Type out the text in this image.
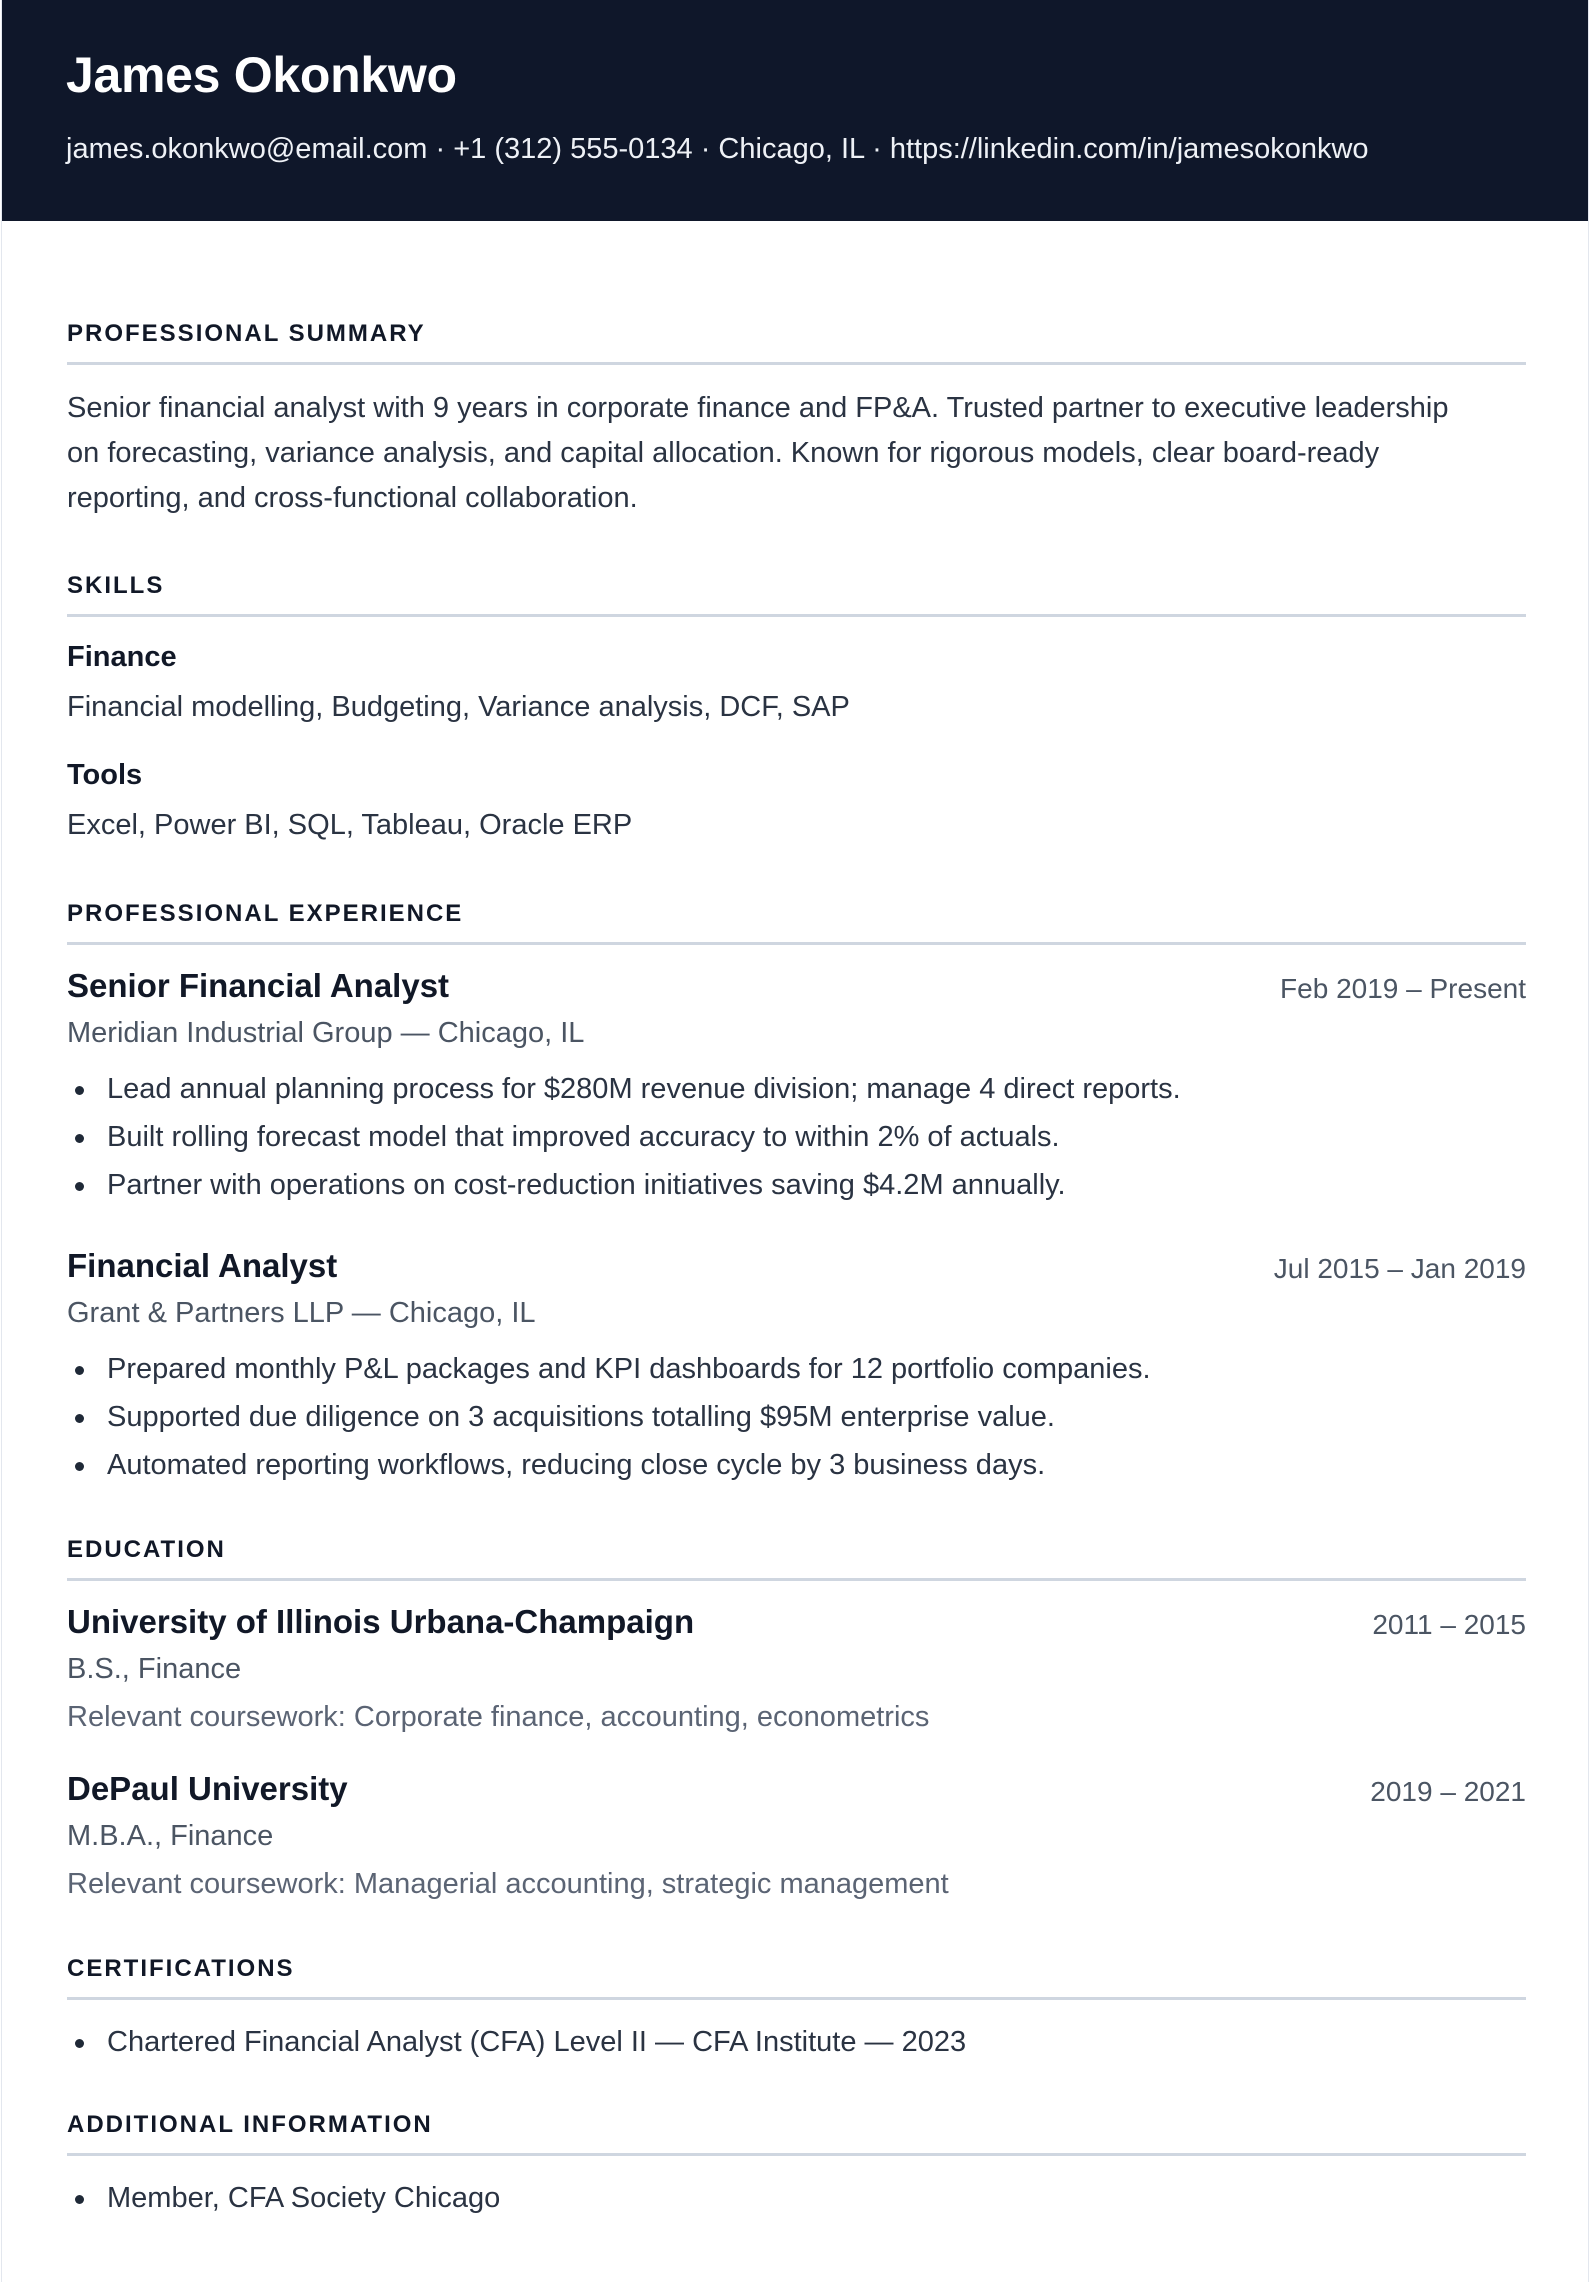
James Okonkwo
james.okonkwo@email.com · +1 (312) 555-0134 · Chicago, IL · https://linkedin.com/in/jamesokonkwo
PROFESSIONAL SUMMARY
Senior financial analyst with 9 years in corporate finance and FP&A. Trusted partner to executive leadership on forecasting, variance analysis, and capital allocation. Known for rigorous models, clear board-ready reporting, and cross-functional collaboration.
SKILLS
Finance
Financial modelling, Budgeting, Variance analysis, DCF, SAP
Tools
Excel, Power BI, SQL, Tableau, Oracle ERP
PROFESSIONAL EXPERIENCE
Senior Financial Analyst	Feb 2019 – Present
Meridian Industrial Group — Chicago, IL
Lead annual planning process for $280M revenue division; manage 4 direct reports.
Built rolling forecast model that improved accuracy to within 2% of actuals.
Partner with operations on cost-reduction initiatives saving $4.2M annually.
Financial Analyst	Jul 2015 – Jan 2019
Grant & Partners LLP — Chicago, IL
Prepared monthly P&L packages and KPI dashboards for 12 portfolio companies.
Supported due diligence on 3 acquisitions totalling $95M enterprise value.
Automated reporting workflows, reducing close cycle by 3 business days.
EDUCATION
University of Illinois Urbana-Champaign	2011 – 2015
B.S., Finance
Relevant coursework: Corporate finance, accounting, econometrics
DePaul University	2019 – 2021
M.B.A., Finance
Relevant coursework: Managerial accounting, strategic management
CERTIFICATIONS
Chartered Financial Analyst (CFA) Level II — CFA Institute — 2023
ADDITIONAL INFORMATION
Member, CFA Society Chicago
